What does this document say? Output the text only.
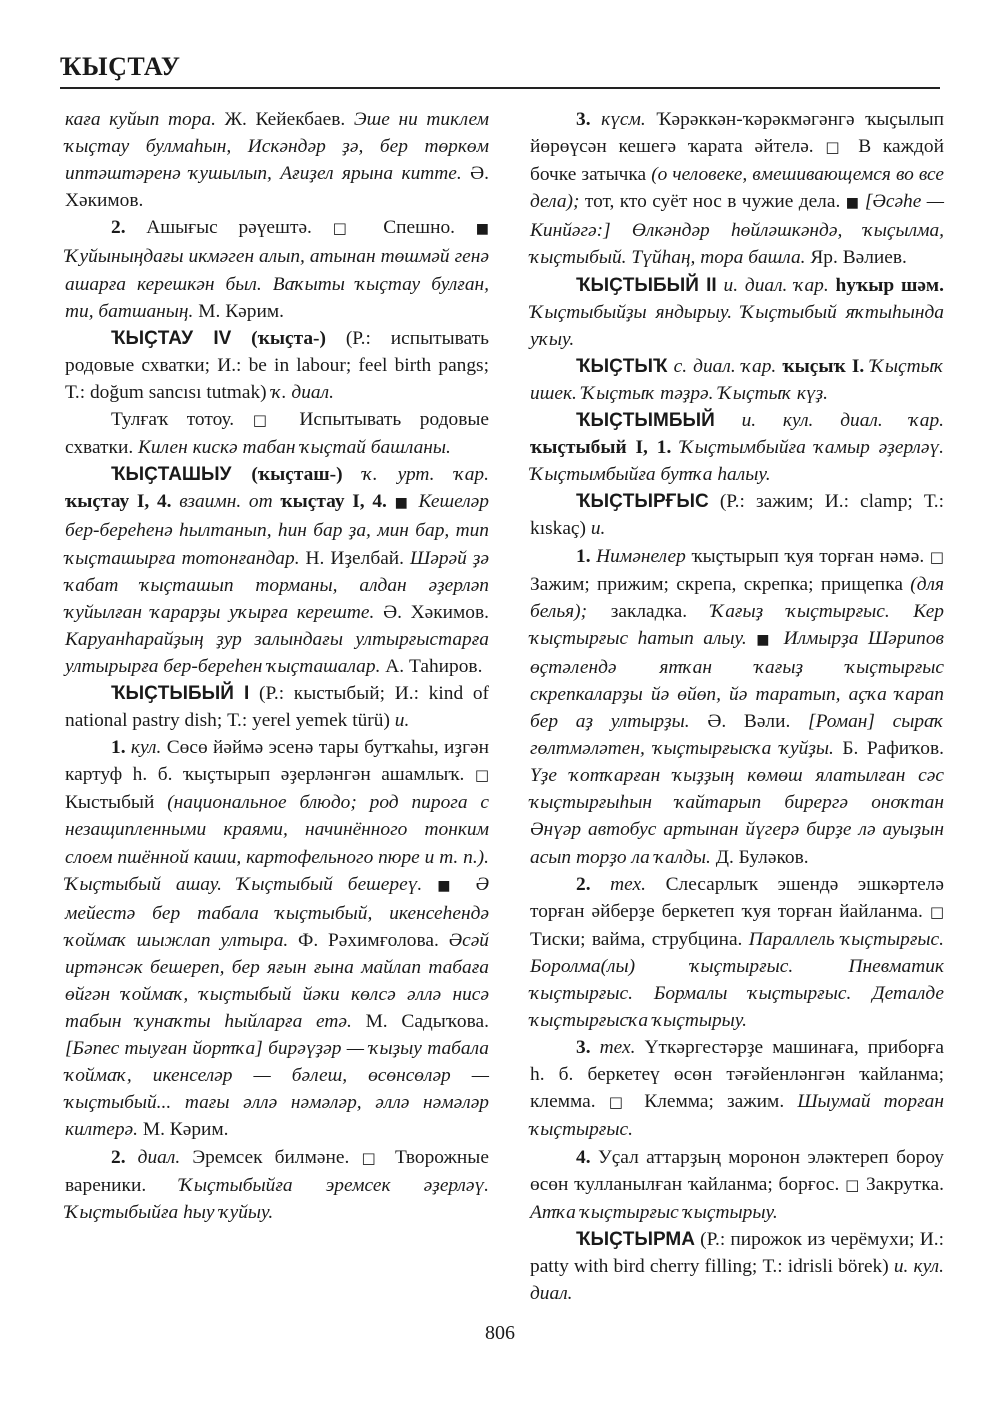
ҠЫҪТАУ

кағa куйып тора. Ж. Кейекбаев. Эше ни тиклем ҡыҫтау булмаһын, Искәндәр ҙә, бер төркөм иптәштәренә ҡушылып, Ағиҙел ярына китте. Ә. Хәкимов.

2. Ашығыс рәүештә. □ Спешно. ■ Ҡуйыныңдағы икмәген алып, атынан төшмәй генә ашарға керешкән был. Ваҡыты ҡыҫтау булған, ти, батшаның. М. Кәрим.

ҠЫҪТАУ IV (ҡыҫта-) (Р.: испытывать родовые схватки; И.: be in labour; feel birth pangs; Т.: doğum sancısı tutmak) ҡ. диал.

Тулғаҡ тотоу. □ Испытывать родовые схватки. Килен кискә табан ҡыҫтай башланы.

ҠЫҪТАШЫУ (ҡыҫташ-) ҡ. урт. ҡар. ҡыҫтау I, 4. взаимн. от ҡыҫтау I, 4. ■ Кешеләр бер-береһенә һылтанып, һин бар ҙа, мин бар, тип ҡыҫташырға тотонғандар. Н. Иҙелбай. Шәрәй ҙә ҡабат ҡыҫташып торманы, алдан әҙерләп ҡуйылған ҡарарҙы уҡырға кереште. Ә. Хәкимов. Каруанһарайҙың ҙур залындағы ултырғыстарға ултырырға бер-береһен ҡыҫташалар. А. Таһиров.

ҠЫҪТЫБЫЙ I (Р.: кыстыбый; И.: kind of national pastry dish; Т.: yerel yemek türü) и.

1. кул. Сөсө йәймә эсенә тары бутҡаһы, иҙгән картуф һ. б. ҡыҫтырып әҙерләнгән ашамлыҡ. □ Кыстыбый (национальное блюдо; род пирога с незащипленными краями, начинённого тонким слоем пшённой каши, картофельного пюре и т. п.). Ҡыҫтыбый ашау. Ҡыҫтыбый бешереү. ■ Ә мейестә бер табала ҡыҫтыбый, икенсеһендә ҡоймаҡ шыжлап ултыра. Ф. Рәхимғолова. Әсәй иртәнсәк бешереп, бер яғын ғына майлап табаға өйгән ҡоймаҡ, ҡыҫтыбый йәки көлсә әллә нисә табын ҡунаҡты һыйларға етә. М. Садыҡова. [Бәпес тыуған йортҡа] бирәүҙәр — ҡыҙыу табала ҡоймаҡ, икенселәр — бәлеш, өсөнсөләр — ҡыҫтыбый... тағы әллә нәмәләр, әллә нәмәләр килтерә. М. Кәрим.

2. диал. Эремсек билмәне. □ Творожные вареники. Ҡыҫтыбыйға эремсек әҙерләү. Ҡыҫтыбыйға һыу ҡуйыу.

3. күсм. Ҡәрәккән-ҡәрәкмәгәнгә ҡыҫылып йөрөүсән кешегә ҡарата әйтелә. □ В каждой бочке затычка (о человеке, вмешивающемся во все дела); тот, кто суёт нос в чужие дела. ■ [Әсәһе — Кинйәгә:] Өлкәндәр һөйләшкәндә, ҡыҫылма, ҡыҫтыбый. Түйһаң, тора башла. Яр. Вәлиев.

ҠЫҪТЫБЫЙ II и. диал. ҡар. һуҡыр шәм. Ҡыҫтыбыйҙы яндырыу. Ҡыҫтыбый яҡтыһында уҡыу.

ҠЫҪТЫҠ с. диал. ҡар. ҡыҫыҡ I. Ҡыҫтыҡ ишек. Ҡыҫтыҡ тәҙрә. Ҡыҫтыҡ күҙ.

ҠЫҪТЫМБЫЙ и. кул. диал. ҡар. ҡыҫтыбый I, 1. Ҡыҫтымбыйға ҡамыр әҙерләү. Ҡыҫтымбыйға бутҡа һалыу.

ҠЫҪТЫРҒЫС (Р.: зажим; И.: clamp; Т.: kıskaç) и.

1. Нимәнелер ҡыҫтырып ҡуя торған нәмә. □ Зажим; прижим; скрепа, скрепка; прищепка (для белья); закладка. Ҡағыҙ ҡыҫтырғыс. Кер ҡыҫтырғыс һатып алыу. ■ Илмырҙа Шәрипов өҫтәлендә ятҡан ҡағыҙ ҡыҫтырғыс скрепкаларҙы йә өйөп, йә таратып, аҫҡа ҡарап бер аҙ ултырҙы. Ә. Вәли. [Роман] сыраҡ гөлтмәләтен, ҡыҫтырғысҡа ҡуйҙы. Б. Рафиҡов. Үҙе ҡотҡарған ҡыҙҙың көмөш ялатылған сәс ҡыҫтырғыһын ҡайтарып бирергә оноҡтан Әнүәр автобус артынан йүгерә бирҙе лә ауыҙын асып торҙо ла ҡалды. Д. Буләков.

2. тех. Слесарлыҡ эшендә эшкәртелә торған әйберҙе беркетеп ҡуя торған йайланма. □ Тиски; вайма, струбцина. Параллель ҡыҫтырғыс. Боролма(лы) ҡыҫтырғыс. Пневматик ҡыҫтырғыс. Бормалы ҡыҫтырғыс. Деталде ҡыҫтырғысҡа ҡыҫтырыу.

3. тех. Үткәргестәрҙе машинаға, приборға һ. б. беркетеү өсөн тәғәйенләнгән ҡайланма; клемма. □ Клемма; зажим. Шыумай торған ҡыҫтырғыс.

4. Уҫал аттарҙың моронон эләктереп бороу өсөн ҡулланылған ҡайланма; борғос. □ Закрутка. Атҡа ҡыҫтырғыс ҡыҫтырыу.

ҠЫҪТЫРМА (Р.: пирожок из черёмухи; И.: patty with bird cherry filling; Т.: idrisli börek) и. кул. диал.

806
